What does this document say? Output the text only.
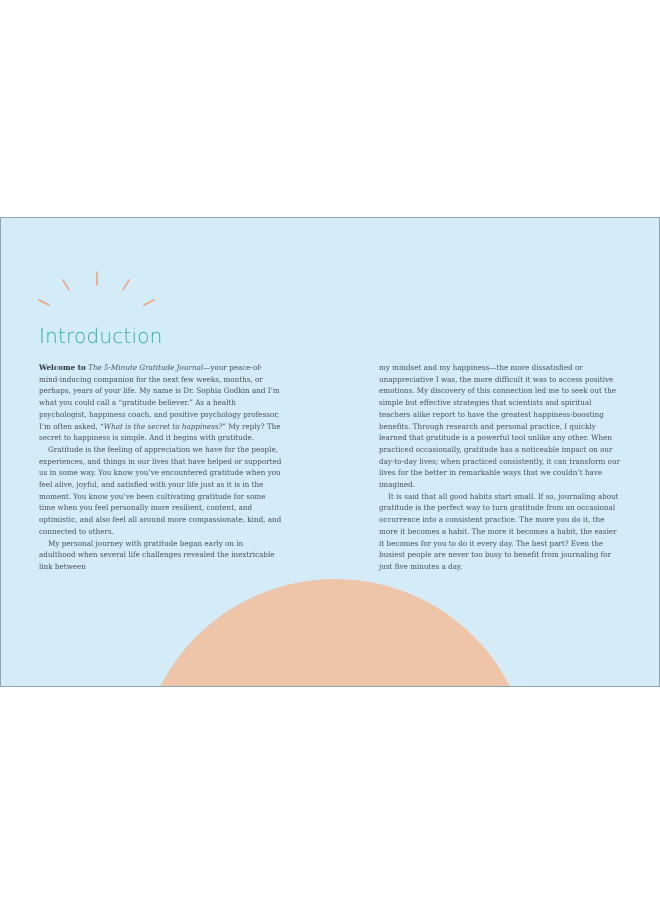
Introduction

Welcome to The 5-Minute Gratitude Journal—your peace-of-mind-inducing companion for the next few weeks, months, or perhaps, years of your life. My name is Dr. Sophia Godkin and I’m what you could call a “gratitude believer.” As a health psychologist, happiness coach, and positive psychology professor, I’m often asked, “What is the secret to happiness?” My reply? The secret to happiness is simple. And it begins with gratitude.

Gratitude is the feeling of appreciation we have for the people, experiences, and things in our lives that have helped or supported us in some way. You know you’ve encountered gratitude when you feel alive, joyful, and satisfied with your life just as it is in the moment. You know you’ve been cultivating gratitude for some time when you feel personally more resilient, content, and optimistic, and also feel all around more compassionate, kind, and connected to others.

My personal journey with gratitude began early on in adulthood when several life challenges revealed the inextricable link between

my mindset and my happiness—the more dissatisfied or unappreciative I was, the more difficult it was to access positive emotions. My discovery of this connection led me to seek out the simple but effective strategies that scientists and spiritual teachers alike report to have the greatest happiness-boosting benefits. Through research and personal practice, I quickly learned that gratitude is a powerful tool unlike any other. When practiced occasionally, gratitude has a noticeable impact on our day-to-day lives; when practiced consistently, it can transform our lives for the better in remarkable ways that we couldn’t have imagined.

It is said that all good habits start small. If so, journaling about gratitude is the perfect way to turn gratitude from an occasional occurrence into a consistent practice. The more you do it, the more it becomes a habit. The more it becomes a habit, the easier it becomes for you to do it every day. The best part? Even the busiest people are never too busy to benefit from journaling for just five minutes a day.
